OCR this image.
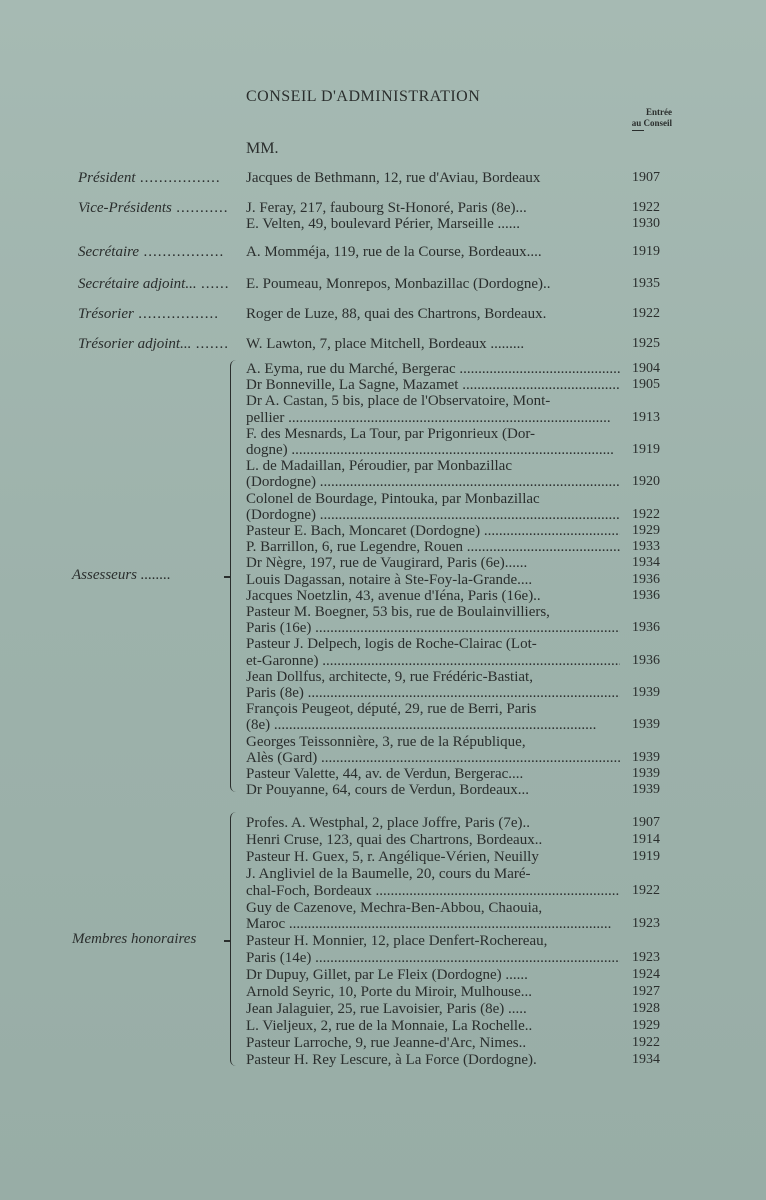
CONSEIL D'ADMINISTRATION
Entrée
au Conseil
MM.
Président .....	Jacques de Bethmann, 12, rue d'Aviau, Bordeaux	1907
Vice-Présidents .....	J. Feray, 217, faubourg St-Honoré, Paris (8e)...	1922
E. Velten, 49, boulevard Périer, Marseille ......	1930
Secrétaire .....	A. Momméja, 119, rue de la Course, Bordeaux....	1919
Secrétaire adjoint... .....	E. Poumeau, Monrepos, Monbazillac (Dordogne)..	1935
Trésorier .....	Roger de Luze, 88, quai des Chartrons, Bordeaux.	1922
Trésorier adjoint... .....	W. Lawton, 7, place Mitchell, Bordeaux .........	1925
Assesseurs ........
A. Eyma, rue du Marché, Bergerac .....	1904
Dr Bonneville, La Sagne, Mazamet .....	1905
Dr A. Castan, 5 bis, place de l'Observatoire, Mont-
pellier .....	1913
F. des Mesnards, La Tour, par Prigonrieux (Dor-
dogne) .....	1919
L. de Madaillan, Péroudier, par Monbazillac
(Dordogne) .....	1920
Colonel de Bourdage, Pintouka, par Monbazillac
(Dordogne) .....	1922
Pasteur E. Bach, Moncaret (Dordogne) .....	1929
P. Barrillon, 6, rue Legendre, Rouen .....	1933
Dr Nègre, 197, rue de Vaugirard, Paris (6e)......	1934
Louis Dagassan, notaire à Ste-Foy-la-Grande....	1936
Jacques Noetzlin, 43, avenue d'Iéna, Paris (16e)..	1936
Pasteur M. Boegner, 53 bis, rue de Boulainvilliers,
Paris (16e) .....	1936
Pasteur J. Delpech, logis de Roche-Clairac (Lot-
et-Garonne) .....	1936
Jean Dollfus, architecte, 9, rue Frédéric-Bastiat,
Paris (8e) .....	1939
François Peugeot, député, 29, rue de Berri, Paris
(8e) .....	1939
Georges Teissonnière, 3, rue de la République,
Alès (Gard) .....	1939
Pasteur Valette, 44, av. de Verdun, Bergerac....	1939
Dr Pouyanne, 64, cours de Verdun, Bordeaux...	1939
Membres honoraires
Profes. A. Westphal, 2, place Joffre, Paris (7e)..	1907
Henri Cruse, 123, quai des Chartrons, Bordeaux..	1914
Pasteur H. Guex, 5, r. Angélique-Vérien, Neuilly	1919
J. Angliviel de la Baumelle, 20, cours du Maré-
chal-Foch, Bordeaux .....	1922
Guy de Cazenove, Mechra-Ben-Abbou, Chaouia,
Maroc .....	1923
Pasteur H. Monnier, 12, place Denfert-Rochereau,
Paris (14e) .....	1923
Dr Dupuy, Gillet, par Le Fleix (Dordogne) ......	1924
Arnold Seyric, 10, Porte du Miroir, Mulhouse...	1927
Jean Jalaguier, 25, rue Lavoisier, Paris (8e) .....	1928
L. Vieljeux, 2, rue de la Monnaie, La Rochelle..	1929
Pasteur Larroche, 9, rue Jeanne-d'Arc, Nimes..	1922
Pasteur H. Rey Lescure, à La Force (Dordogne).	1934
